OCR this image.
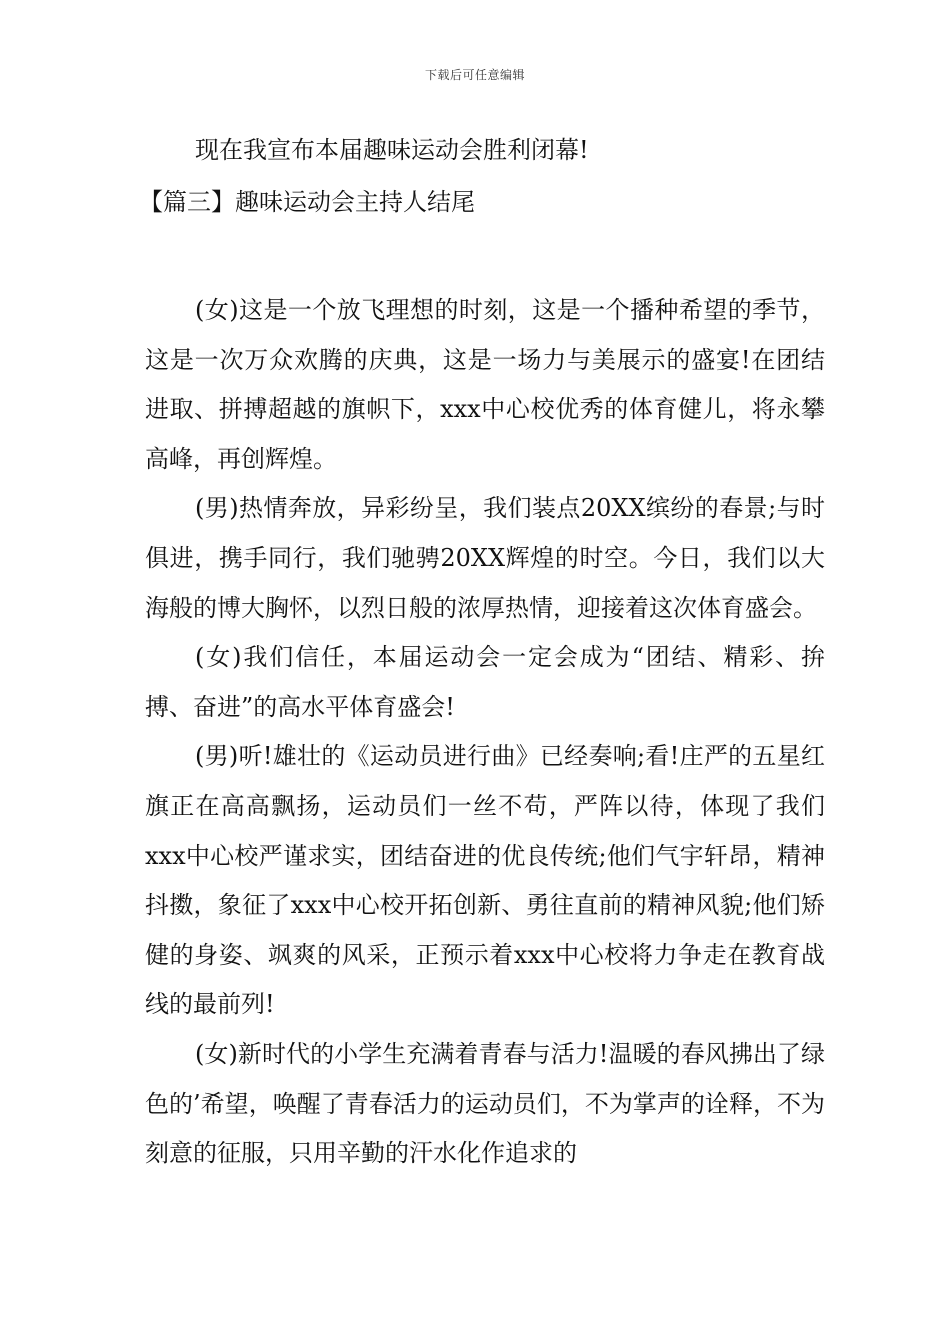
下载后可任意编辑

现在我宣布本届趣味运动会胜利闭幕!

【篇三】趣味运动会主持人结尾

(女)这是一个放飞理想的时刻，这是一个播种希望的季节，这是一次万众欢腾的庆典，这是一场力与美展示的盛宴!在团结进取、拼搏超越的旗帜下，xxx中心校优秀的体育健儿，将永攀高峰，再创辉煌。

(男)热情奔放，异彩纷呈，我们装点20XX缤纷的春景;与时俱进，携手同行，我们驰骋20XX辉煌的时空。今日，我们以大海般的博大胸怀，以烈日般的浓厚热情，迎接着这次体育盛会。

(女)我们信任，本届运动会一定会成为“团结、精彩、拚搏、奋进”的高水平体育盛会!

(男)听!雄壮的《运动员进行曲》已经奏响;看!庄严的五星红旗正在高高飘扬，运动员们一丝不苟，严阵以待，体现了我们xxx中心校严谨求实，团结奋进的优良传统;他们气宇轩昂，精神抖擞，象征了xxx中心校开拓创新、勇往直前的精神风貌;他们矫健的身姿、飒爽的风采，正预示着xxx中心校将力争走在教育战线的最前列!

(女)新时代的小学生充满着青春与活力!温暖的春风拂出了绿色的’希望，唤醒了青春活力的运动员们，不为掌声的诠释，不为刻意的征服，只用辛勤的汗水化作追求的
